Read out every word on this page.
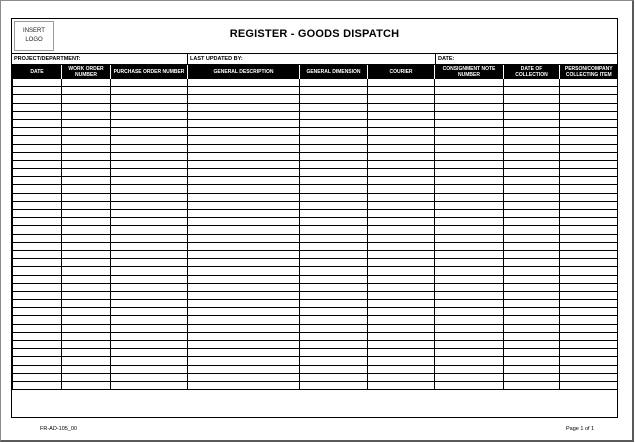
INSERT
LOGO	REGISTER - GOODS DISPATCH
PROJECT/DEPARTMENT:	LAST UPDATED BY:	DATE:
DATE	WORK ORDER NUMBER	PURCHASE ORDER NUMBER	GENERAL DESCRIPTION	GENERAL DIMENSION	COURIER	CONSIGNMENT NOTE NUMBER	DATE OF COLLECTION	PERSON/COMPANY COLLECTING ITEM

FR-AD-105_00	Page 1 of 1
